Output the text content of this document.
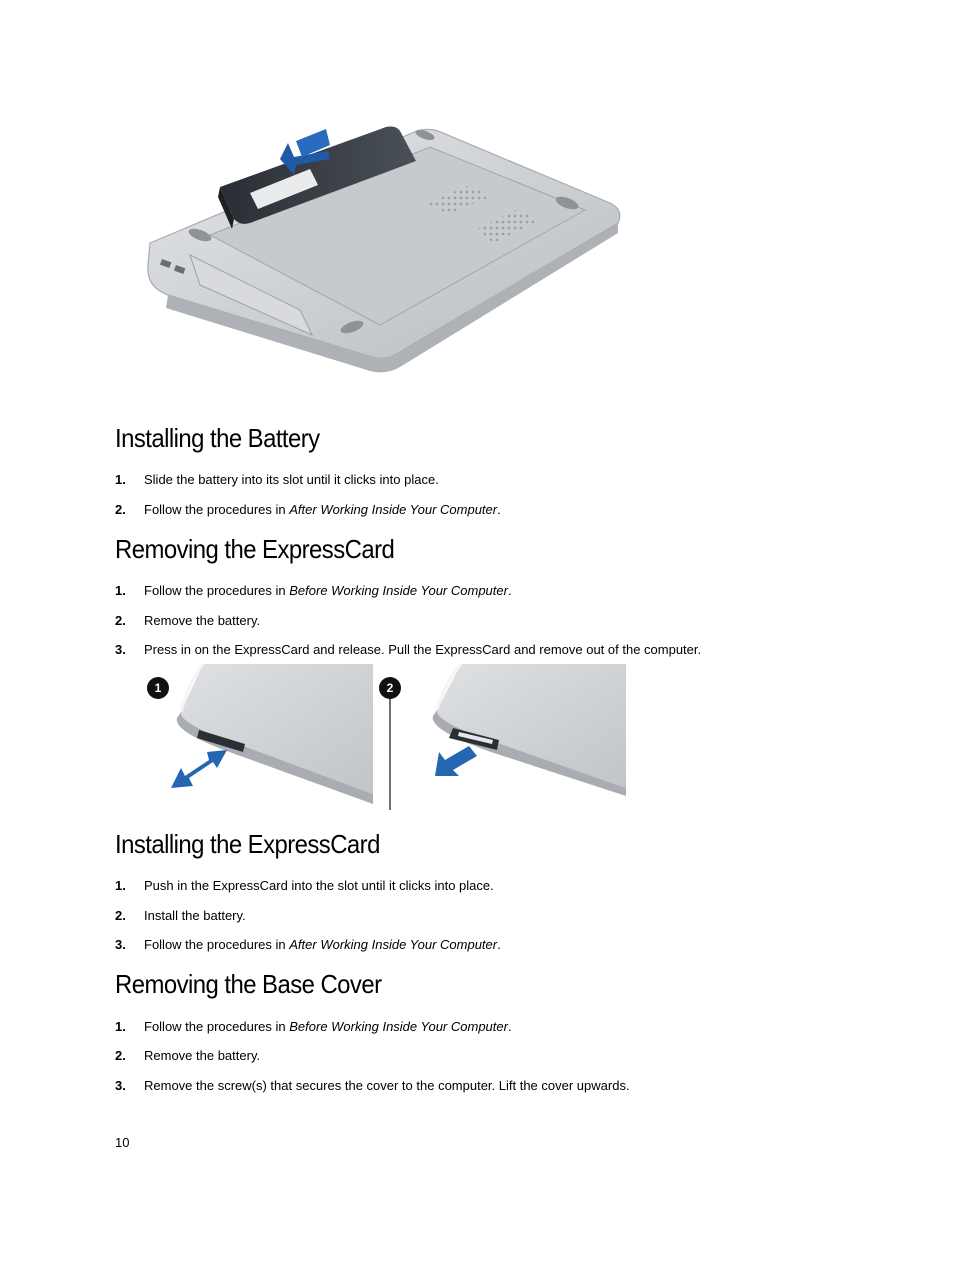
Installing the Battery
1. Slide the battery into its slot until it clicks into place.
2. Follow the procedures in After Working Inside Your Computer.
Removing the ExpressCard
1. Follow the procedures in Before Working Inside Your Computer.
2. Remove the battery.
3. Press in on the ExpressCard and release. Pull the ExpressCard and remove out of the computer.
1	2
Installing the ExpressCard
1. Push in the ExpressCard into the slot until it clicks into place.
2. Install the battery.
3. Follow the procedures in After Working Inside Your Computer.
Removing the Base Cover
1. Follow the procedures in Before Working Inside Your Computer.
2. Remove the battery.
3. Remove the screw(s) that secures the cover to the computer. Lift the cover upwards.
10
